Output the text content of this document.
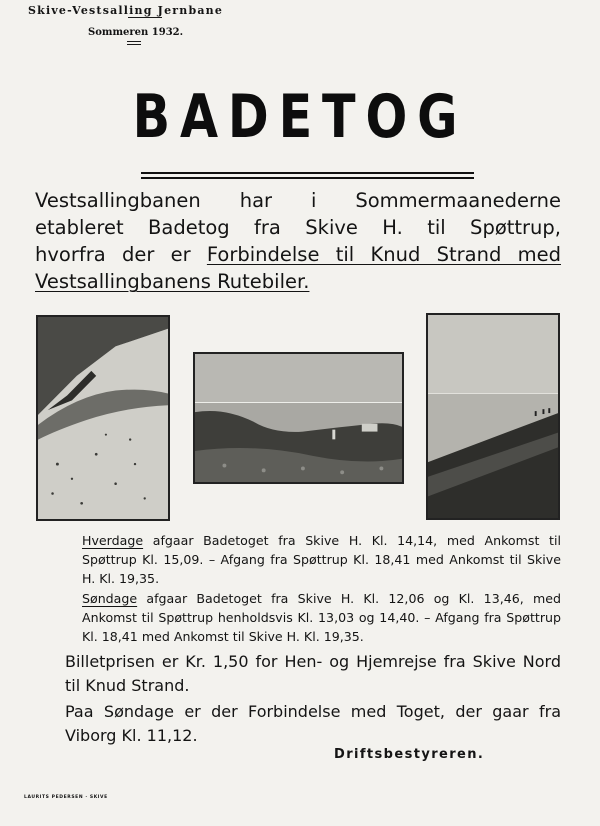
Skive-Vestsalling Jernbane
Sommeren 1932.
BADETOG
Vestsallingbanen har i Sommermaanederne
etableret Badetog fra Skive H. til Spøttrup,
hvorfra der er Forbindelse til Knud Strand med
Vestsallingbanens Rutebiler.
Hverdage afgaar Badetoget fra Skive H. Kl. 14,14, med Ankomst til Spøttrup Kl. 15,09. – Afgang fra Spøttrup Kl. 18,41 med Ankomst til Skive H. Kl. 19,35.
Søndage afgaar Badetoget fra Skive H. Kl. 12,06 og Kl. 13,46, med Ankomst til Spøttrup henholdsvis Kl. 13,03 og 14,40. – Afgang fra Spøttrup Kl. 18,41 med Ankomst til Skive H. Kl. 19,35.
Billetprisen er Kr. 1,50 for Hen- og Hjemrejse fra Skive Nord til Knud Strand.
Paa Søndage er der Forbindelse med Toget, der gaar fra Viborg Kl. 11,12.
Driftsbestyreren.
LAURITS PEDERSEN · SKIVE
